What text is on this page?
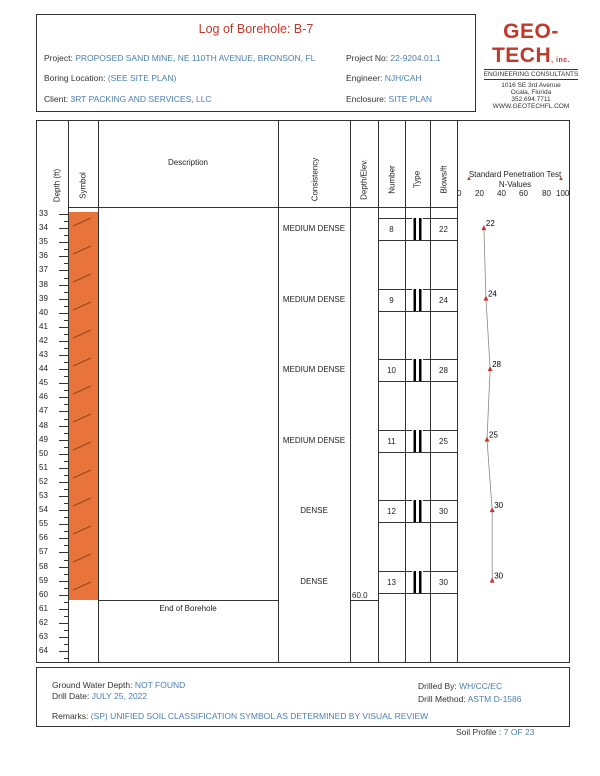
Log of Borehole: B-7
Project: PROPOSED SAND MINE, NE 110TH AVENUE, BRONSON, FL
Boring Location: (SEE SITE PLAN)
Client: 3RT PACKING AND SERVICES, LLC
Project No: 22-9204.01.1
Engineer: NJH/CAH
Enclosure: SITE PLAN
GEO-TECH, inc.
ENGINEERING CONSULTANTS
1016 SE 3rd Avenue
Ocala, Florida
352.694.7711
WWW.GEOTECHFL.COM
Depth (ft) Symbol
Description	Consistency	Depth/Elev. Number Type Blows/ft	Standard Penetration Test
N-Values
▲	▲
0 20 40 60 80 100
33
34
35
36
37
38
39
40
41
42
43
44
45
46
47
48
49
50
51
52
53
54
55
56
57
58
59
60
61
62
63
64
End of Borehole
60.0
MEDIUM DENSE	8	22
MEDIUM DENSE	9	24
MEDIUM DENSE	10	28
MEDIUM DENSE	11	25
DENSE	12	30
DENSE	13	30
22
24
28
25
30
30
Ground Water Depth: NOT FOUND
Drill Date: JULY 25, 2022
Drilled By: WH/CC/EC
Drill Method: ASTM D-1586
Remarks: (SP) UNIFIED SOIL CLASSIFICATION SYMBOL AS DETERMINED BY VISUAL REVIEW
Soil Profile : 7 OF 23
